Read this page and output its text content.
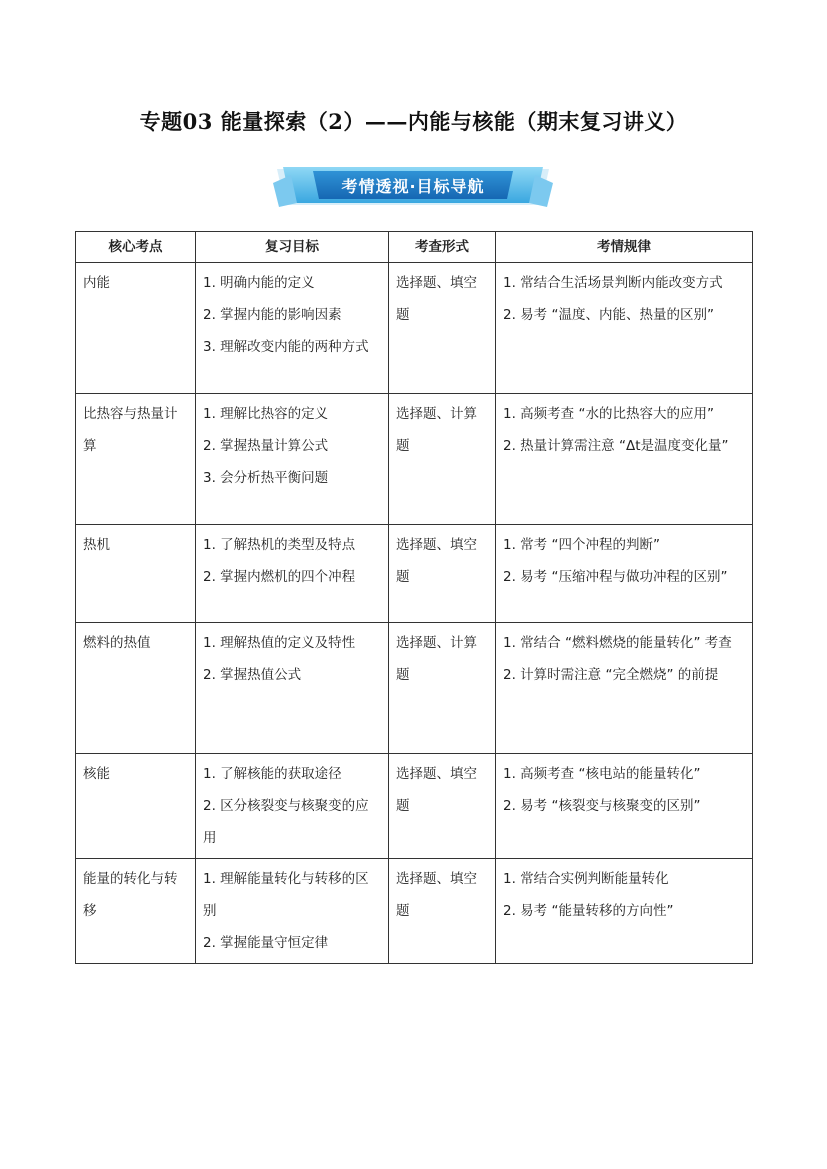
专题03 能量探索（2）——内能与核能（期末复习讲义）
考情透视·目标导航
核心考点	复习目标	考查形式	考情规律
内能	1. 明确内能的定义
2. 掌握内能的影响因素
3. 理解改变内能的两种方式	选择题、填空题	1. 常结合生活场景判断内能改变方式
2. 易考 “温度、内能、热量的区别”

比热容与热量计算	1. 理解比热容的定义
2. 掌握热量计算公式
3. 会分析热平衡问题	选择题、计算题	1. 高频考查 “水的比热容大的应用”
2. 热量计算需注意 “Δt是温度变化量”

热机	1. 了解热机的类型及特点
2. 掌握内燃机的四个冲程	选择题、填空题	1. 常考 “四个冲程的判断”
2. 易考 “压缩冲程与做功冲程的区别”

燃料的热值	1. 理解热值的定义及特性
2. 掌握热值公式	选择题、计算题	1. 常结合 “燃料燃烧的能量转化” 考查
2. 计算时需注意 “完全燃烧” 的前提

核能	1. 了解核能的获取途径
2. 区分核裂变与核聚变的应用	选择题、填空题	1. 高频考查 “核电站的能量转化”
2. 易考 “核裂变与核聚变的区别”

能量的转化与转移	1. 理解能量转化与转移的区别
2. 掌握能量守恒定律	选择题、填空题	1. 常结合实例判断能量转化
2. 易考 “能量转移的方向性”
